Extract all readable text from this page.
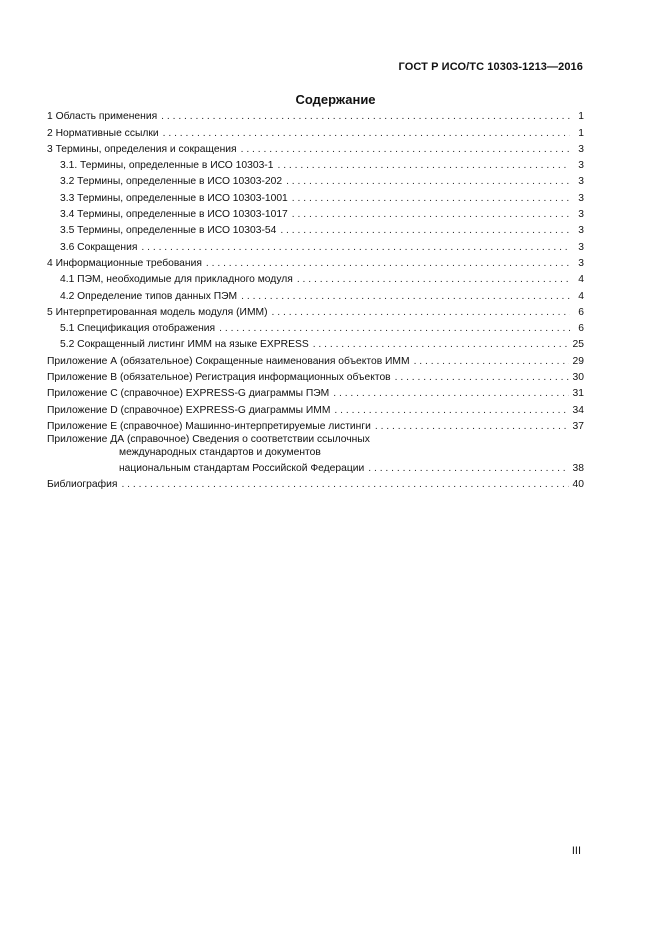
ГОСТ Р ИСО/ТС 10303-1213—2016
Содержание
1 Область применения . . .	1
2 Нормативные ссылки . . .	1
3 Термины, определения и сокращения . . .	3
3.1. Термины, определенные в ИСО 10303-1 . . .	3
3.2 Термины, определенные в ИСО 10303-202 . . .	3
3.3 Термины, определенные в ИСО 10303-1001 . . .	3
3.4 Термины, определенные в ИСО 10303-1017 . . .	3
3.5 Термины, определенные в ИСО 10303-54 . . .	3
3.6 Сокращения . . .	3
4 Информационные требования . . .	3
4.1 ПЭМ, необходимые для прикладного модуля . . .	4
4.2 Определение типов данных ПЭМ . . .	4
5 Интерпретированная модель модуля (ИММ) . . .	6
5.1 Спецификация отображения . . .	6
5.2 Сокращенный листинг ИММ на языке EXPRESS . . .	25
Приложение А (обязательное) Сокращенные наименования объектов ИММ . . .	29
Приложение В (обязательное) Регистрация информационных объектов . . .	30
Приложение С (справочное) EXPRESS-G диаграммы ПЭМ . . .	31
Приложение D (справочное) EXPRESS-G диаграммы ИММ . . .	34
Приложение Е (справочное) Машинно-интерпретируемые листинги . . .	37
Приложение ДА (справочное) Сведения о соответствии ссылочных
международных стандартов и документов
национальным стандартам Российской Федерации . . .	38
Библиография . . .	40
III
